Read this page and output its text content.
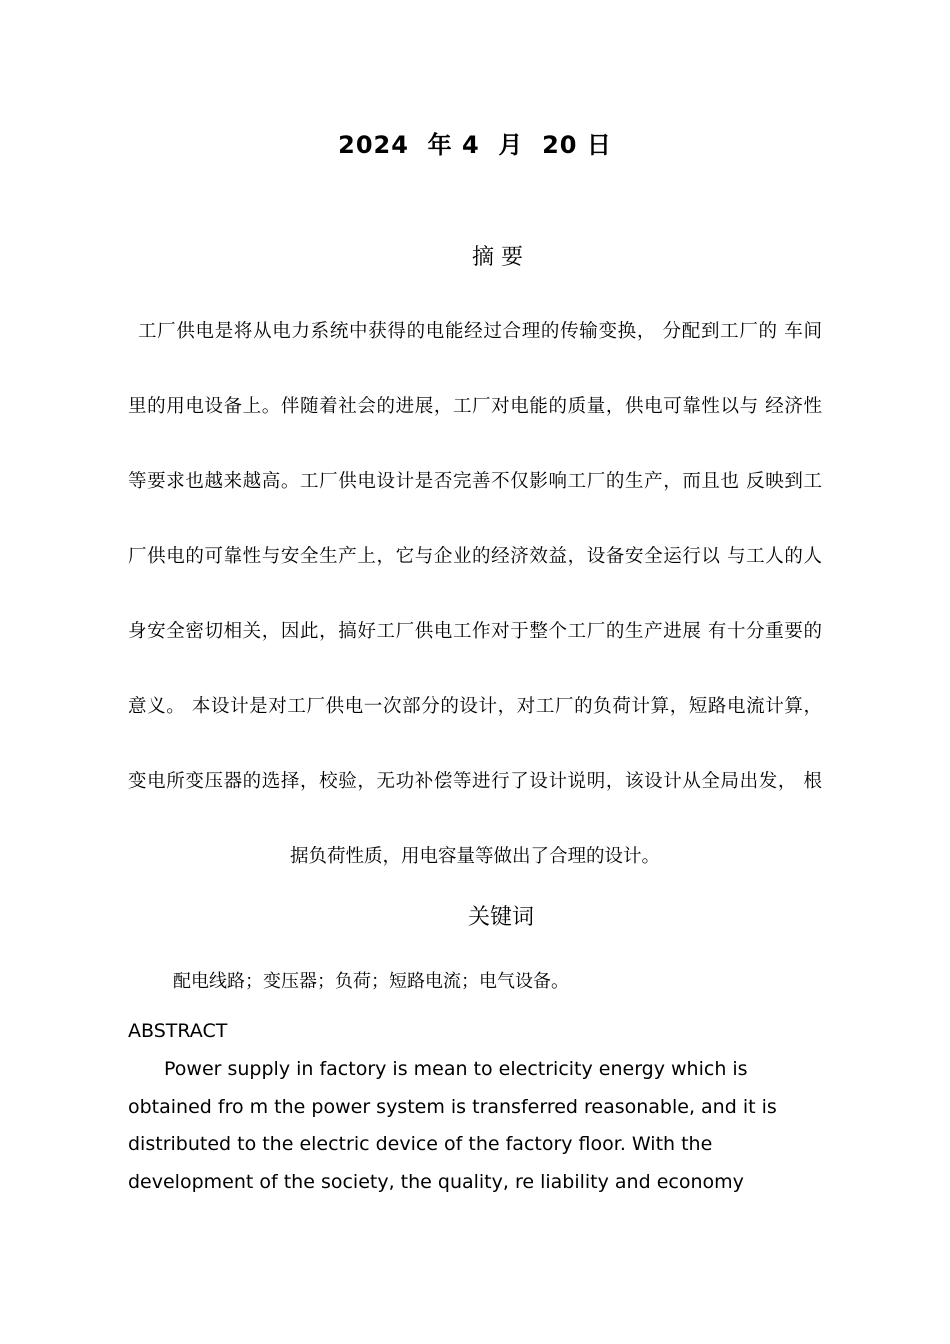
2024  年 4  月  20 日
摘 要
工厂供电是将从电力系统中获得的电能经过合理的传输变换， 分配到工厂的 车间
里的用电设备上。伴随着社会的进展，工厂对电能的质量，供电可靠性以与 经济性
等要求也越来越高。工厂供电设计是否完善不仅影响工厂的生产，而且也 反映到工
厂供电的可靠性与安全生产上，它与企业的经济效益，设备安全运行以 与工人的人
身安全密切相关，因此，搞好工厂供电工作对于整个工厂的生产进展 有十分重要的
意义。 本设计是对工厂供电一次部分的设计，对工厂的负荷计算，短路电流计算，
变电所变压器的选择，校验，无功补偿等进行了设计说明，该设计从全局出发， 根
据负荷性质，用电容量等做出了合理的设计。
关键词
配电线路；变压器；负荷；短路电流；电气设备。
ABSTRACT
Power supply in factory is mean to electricity energy which is
obtained fro m the power system is transferred reasonable, and it is
distributed to the electric device of the factory floor. With the
development of the society, the quality, re liability and economy
